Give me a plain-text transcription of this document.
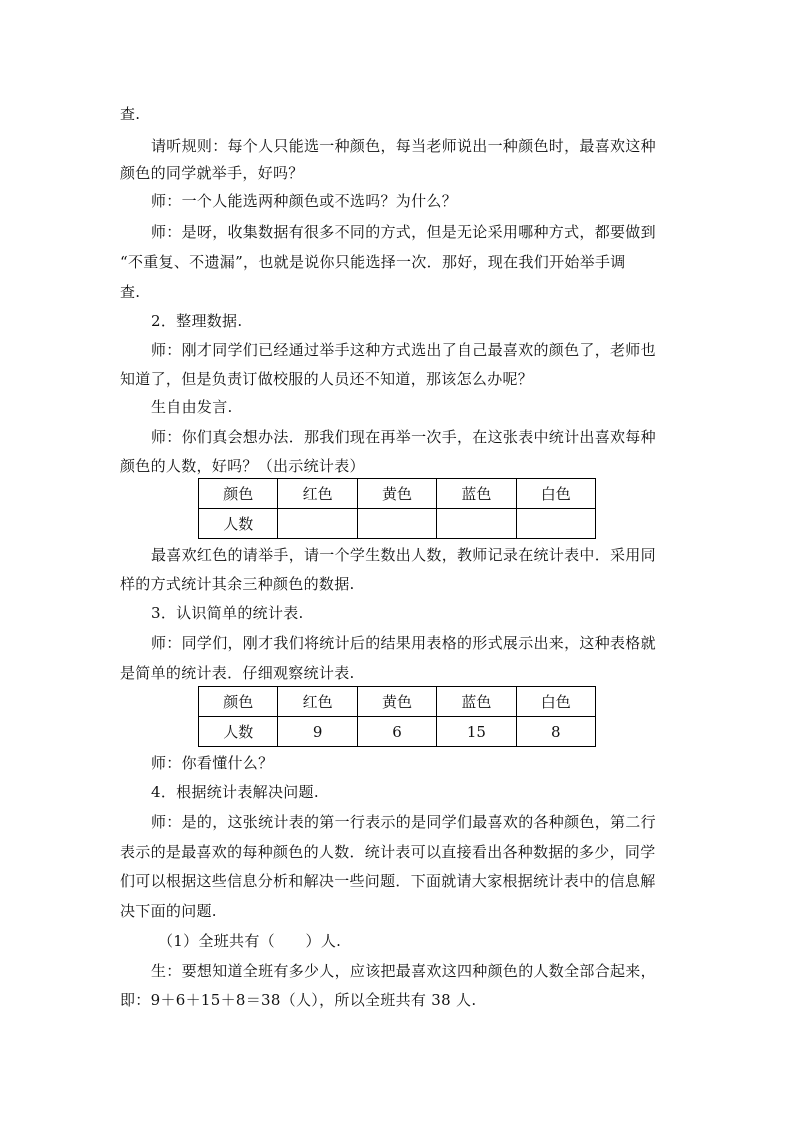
查.
请听规则：每个人只能选一种颜色，每当老师说出一种颜色时，最喜欢这种
颜色的同学就举手，好吗？
师：一个人能选两种颜色或不选吗？为什么？
师：是呀，收集数据有很多不同的方式，但是无论采用哪种方式，都要做到
“不重复、不遗漏”，也就是说你只能选择一次．那好，现在我们开始举手调
查.
2．整理数据.
师：刚才同学们已经通过举手这种方式选出了自己最喜欢的颜色了，老师也
知道了，但是负责订做校服的人员还不知道，那该怎么办呢？
生自由发言.
师：你们真会想办法．那我们现在再举一次手，在这张表中统计出喜欢每种
颜色的人数，好吗？（出示统计表）
颜色	红色	黄色	蓝色	白色
人数				
最喜欢红色的请举手，请一个学生数出人数，教师记录在统计表中．采用同
样的方式统计其余三种颜色的数据.
3．认识简单的统计表.
师：同学们，刚才我们将统计后的结果用表格的形式展示出来，这种表格就
是简单的统计表．仔细观察统计表.
颜色	红色	黄色	蓝色	白色
人数	9	6	15	8
师：你看懂什么？
4．根据统计表解决问题.
师：是的，这张统计表的第一行表示的是同学们最喜欢的各种颜色，第二行
表示的是最喜欢的每种颜色的人数．统计表可以直接看出各种数据的多少，同学
们可以根据这些信息分析和解决一些问题．下面就请大家根据统计表中的信息解
决下面的问题.
（1）全班共有（　　）人.
生：要想知道全班有多少人，应该把最喜欢这四种颜色的人数全部合起来，
即：9＋6＋15＋8＝38（人），所以全班共有 38 人.
